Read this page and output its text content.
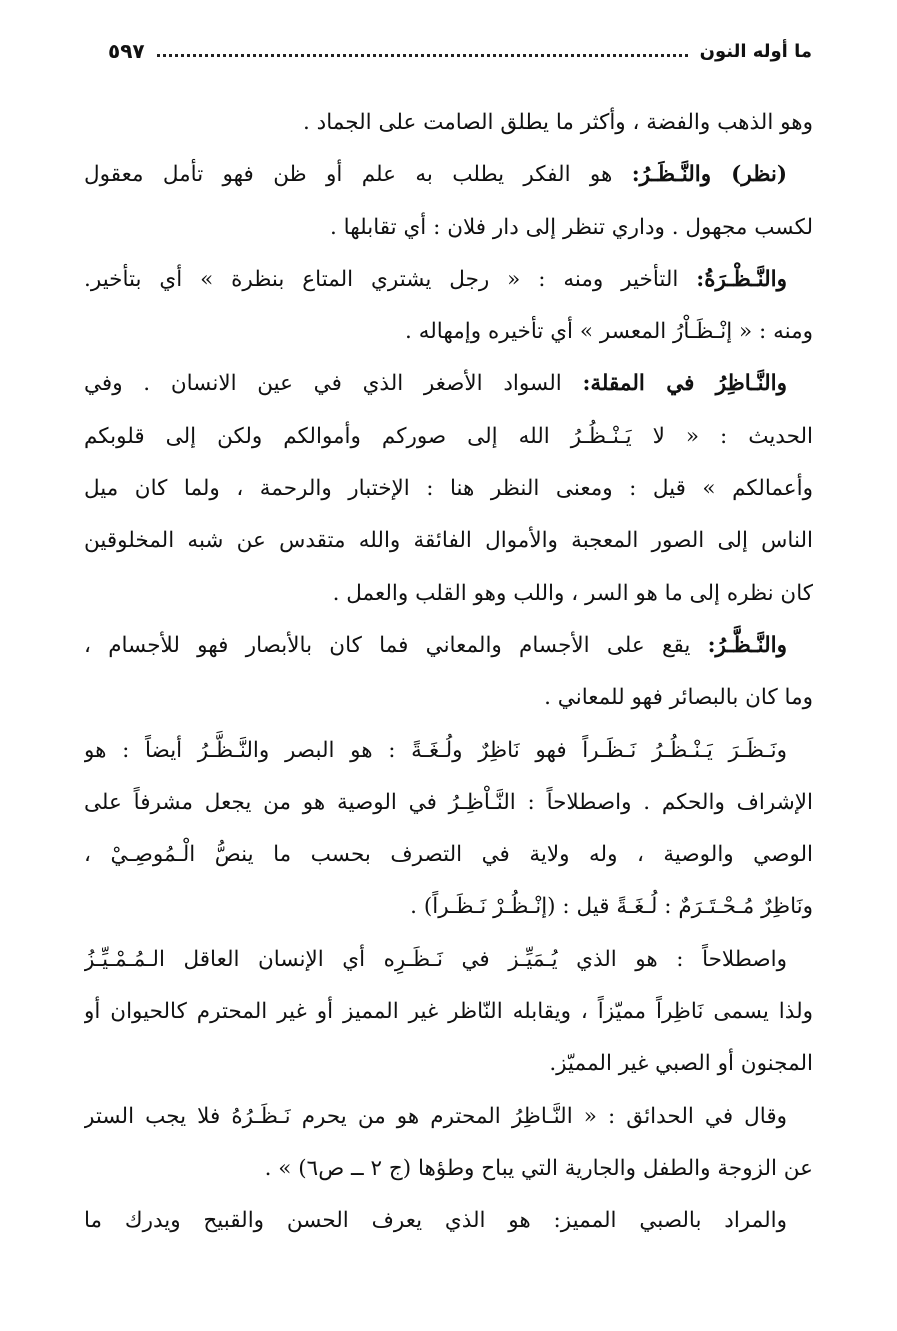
ما أوله النون
٥٩٧
وهو الذهب والفضة ، وأكثر ما يطلق الصامت على الجماد .
(نظر) والنَّـظَـرُ: هو الفكر يطلب به علم أو ظن فهو تأمل معقول
لكسب مجهول . وداري تنظر إلى دار فلان : أي تقابلها .
والنَّـظْـرَةُ: التأخير ومنه : « رجل يشتري المتاع بنظرة » أي بتأخير.
ومنه : « إنْـظَـاْرُ المعسر » أي تأخيره وإمهاله .
والنَّـاظِرُ في المقلة: السواد الأصغر الذي في عين الانسان . وفي
الحديث : « لا يَـنْـظُـرُ الله إلى صوركم وأموالكم ولكن إلى قلوبكم
وأعمالكم » قيل : ومعنى النظر هنا : الإختبار والرحمة ، ولما كان ميل
الناس إلى الصور المعجبة والأموال الفائقة والله متقدس عن شبه المخلوقين
كان نظره إلى ما هو السر ، واللب وهو القلب والعمل .
والنَّـظَّـرُ: يقع على الأجسام والمعاني فما كان بالأبصار فهو للأجسام ،
وما كان بالبصائر فهو للمعاني .
ونَـظَـرَ يَـنْـظُـرُ نَـظَـراً فهو نَاظِرٌ ولُـغَـةً : هو البصر والنَّـظَّـرُ أيضاً : هو
الإشراف والحكم . واصطلاحاً : النَّـاْظِـرُ في الوصية هو من يجعل مشرفاً على
الوصي والوصية ، وله ولاية في التصرف بحسب ما ينصُّ الْـمُوصِـيْ ،
ونَاظِرٌ مُـحْـتَـرَمٌ : لُـغَـةً قيل : (إنْـظُـرْ نَـظَـراً) .
واصطلاحاً : هو الذي يُـمَيِّـز في نَـظَـرِه أي الإنسان العاقل الـمُـمْـيِّـزُ
ولذا يسمى نَاظِراً مميّزاً ، ويقابله النّاظر غير المميز أو غير المحترم كالحيوان أو
المجنون أو الصبي غير المميّز.
وقال في الحدائق : « النَّـاظِرُ المحترم هو من يحرم نَـظَـرُهُ فلا يجب الستر
عن الزوجة والطفل والجارية التي يباح وطؤها (ج ٢ ــ ص٦) » .
والمراد بالصبي المميز: هو الذي يعرف الحسن والقبيح ويدرك ما
